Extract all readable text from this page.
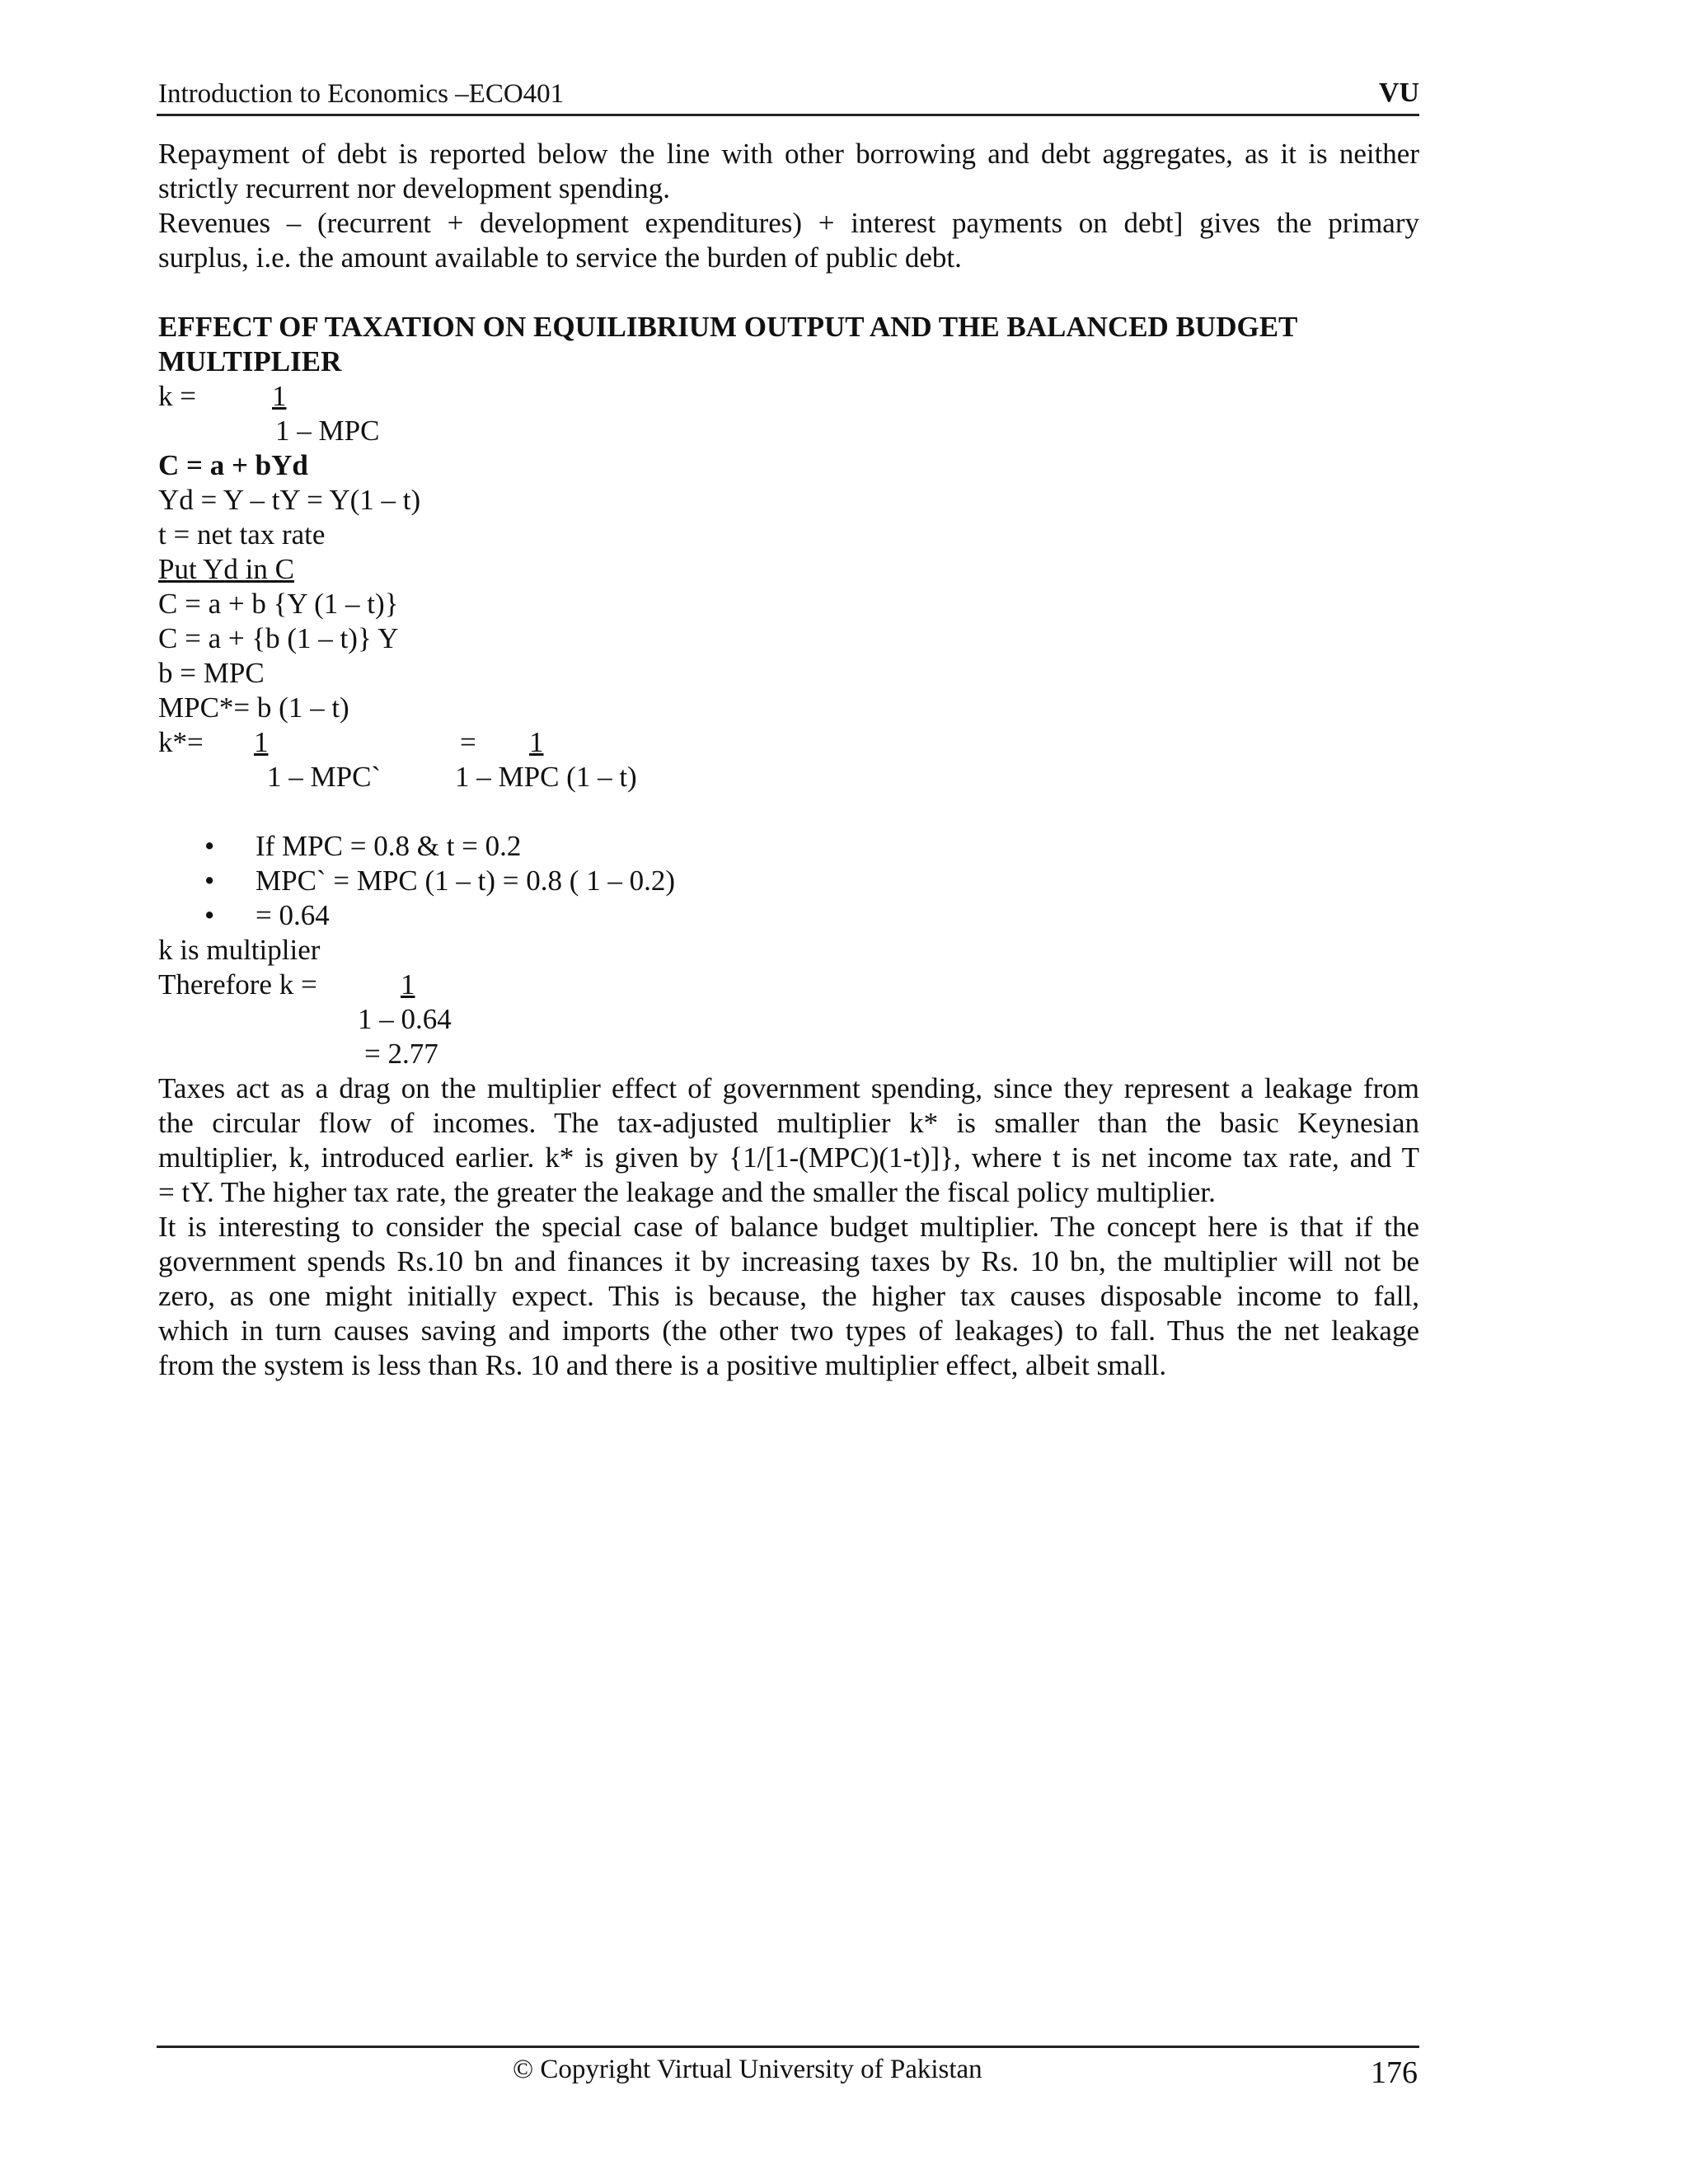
Introduction to Economics –ECO401	VU

Repayment of debt is reported below the line with other borrowing and debt aggregates, as it is neither

strictly recurrent nor development spending.

Revenues – (recurrent + development expenditures) + interest payments on debt] gives the primary

surplus, i.e. the amount available to service the burden of public debt.

EFFECT OF TAXATION ON EQUILIBRIUM OUTPUT AND THE BALANCED BUDGET

MULTIPLIER

k =	1
1 – MPC

C = a + bYd

Yd = Y – tY = Y(1 – t)

t = net tax rate

Put Yd in C

C = a + b {Y (1 – t)}

C = a + {b (1 – t)} Y

b = MPC

MPC*= b (1 – t)

k*=	1	=	1
1 – MPC`	1 – MPC (1 – t)
• If MPC = 0.8 & t = 0.2
• MPC` = MPC (1 – t) = 0.8 ( 1 – 0.2)
• = 0.64

k is multiplier

Therefore k =	1
1 – 0.64
= 2.77

Taxes act as a drag on the multiplier effect of government spending, since they represent a leakage from

the circular flow of incomes. The tax-adjusted multiplier k* is smaller than the basic Keynesian

multiplier, k, introduced earlier. k* is given by {1/[1-(MPC)(1-t)]}, where t is net income tax rate, and T

= tY. The higher tax rate, the greater the leakage and the smaller the fiscal policy multiplier.

It is interesting to consider the special case of balance budget multiplier. The concept here is that if the

government spends Rs.10 bn and finances it by increasing taxes by Rs. 10 bn, the multiplier will not be

zero, as one might initially expect. This is because, the higher tax causes disposable income to fall,

which in turn causes saving and imports (the other two types of leakages) to fall. Thus the net leakage

from the system is less than Rs. 10 and there is a positive multiplier effect, albeit small.

© Copyright Virtual University of Pakistan	176
